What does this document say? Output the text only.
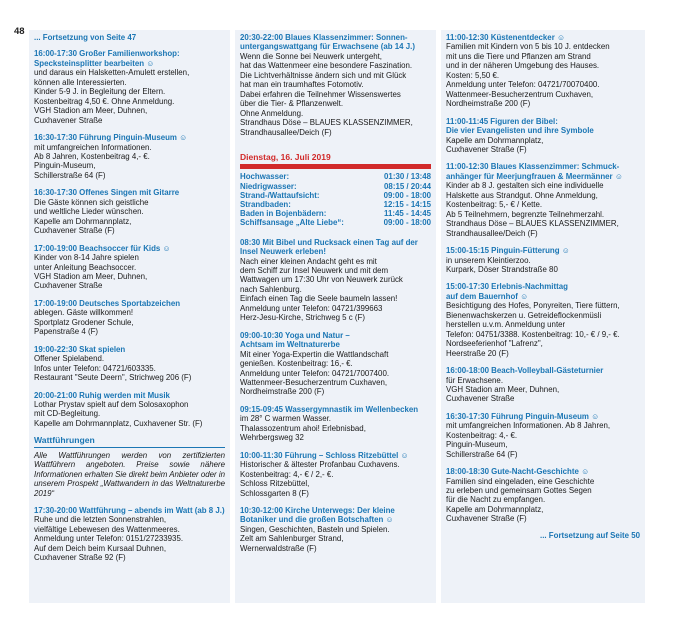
48
... Fortsetzung von Seite 47
16:00-17:30 Großer Familienworkshop:
Specksteinsplitter bearbeiten ☺
und daraus ein Halsketten-Amulett erstellen,
können alle Interessierten.
Kinder 5-9 J. in Begleitung der Eltern.
Kostenbeitrag 4,50 €. Ohne Anmeldung.
VGH Stadion am Meer, Duhnen,
Cuxhavener Straße
16:30-17:30 Führung Pinguin-Museum ☺
mit umfangreichen Informationen.
Ab 8 Jahren, Kostenbeitrag 4,- €.
Pinguin-Museum,
Schillerstraße 64 (F)
16:30-17:30 Offenes Singen mit Gitarre
Die Gäste können sich geistliche
und weltliche Lieder wünschen.
Kapelle am Dohrmannplatz,
Cuxhavener Straße (F)
17:00-19:00 Beachsoccer für Kids ☺
Kinder von 8-14 Jahre spielen
unter Anleitung Beachsoccer.
VGH Stadion am Meer, Duhnen,
Cuxhavener Straße
17:00-19:00 Deutsches Sportabzeichen
ablegen. Gäste willkommen!
Sportplatz Grodener Schule,
Papenstraße 4 (F)
19:00-22:30 Skat spielen
Offener Spielabend.
Infos unter Telefon: 04721/603335.
Restaurant "Seute Deern", Strichweg 206 (F)
20:00-21:00 Ruhig werden mit Musik
Lothar Prystav spielt auf dem Solosaxophon
mit CD-Begleitung.
Kapelle am Dohrmannplatz, Cuxhavener Str. (F)
Wattführungen
Alle Wattführungen werden von zertifizierten Wattführern angeboten. Preise sowie nähere Informationen erhalten Sie direkt beim Anbieter oder in unserem Prospekt „Wattwandern in das Weltnaturerbe 2019“
17:30-20:00 Wattführung – abends im Watt (ab 8 J.)
Ruhe und die letzten Sonnenstrahlen,
vielfältige Lebewesen des Wattenmeeres.
Anmeldung unter Telefon: 0151/27233935.
Auf dem Deich beim Kursaal Duhnen,
Cuxhavener Straße 92 (F)
20:30-22:00 Blaues Klassenzimmer: Sonnen-
untergangswattgang für Erwachsene (ab 14 J.)
Wenn die Sonne bei Neuwerk untergeht,
hat das Wattenmeer eine besondere Faszination.
Die Lichtverhältnisse ändern sich und mit Glück
hat man ein traumhaftes Fotomotiv.
Dabei erfahren die Teilnehmer Wissenswertes
über die Tier- & Pflanzenwelt.
Ohne Anmeldung.
Strandhaus Döse – BLAUES KLASSENZIMMER,
Strandhausallee/Deich (F)
Dienstag, 16. Juli 2019
Hochwasser:	01:30 / 13:48
Niedrigwasser:	08:15 / 20:44
Strand-/Wattaufsicht:	09:00 - 18:00
Strandbaden:	12:15 - 14:15
Baden in Bojenbädern:	11:45 - 14:45
Schiffsansage „Alte Liebe“:	09:00 - 18:00
08:30 Mit Bibel und Rucksack einen Tag auf der
Insel Neuwerk erleben!
Nach einer kleinen Andacht geht es mit
dem Schiff zur Insel Neuwerk und mit dem
Wattwagen um 17:30 Uhr von Neuwerk zurück
nach Sahlenburg.
Einfach einen Tag die Seele baumeln lassen!
Anmeldung unter Telefon: 04721/399663
Herz-Jesu-Kirche, Strichweg 5 c (F)
09:00-10:30 Yoga und Natur –
Achtsam im Weltnaturerbe
Mit einer Yoga-Expertin die Wattlandschaft
genießen. Kostenbeitrag: 16,- €.
Anmeldung unter Telefon: 04721/7007400.
Wattenmeer-Besucherzentrum Cuxhaven,
Nordheimstraße 200 (F)
09:15-09:45 Wassergymnastik im Wellenbecken
im 28° C warmen Wasser.
Thalassozentrum ahoi! Erlebnisbad,
Wehrbergsweg 32
10:00-11:30 Führung – Schloss Ritzebüttel ☺
Historischer & ältester Profanbau Cuxhavens.
Kostenbeitrag: 4,- € / 2,- €.
Schloss Ritzebüttel,
Schlossgarten 8 (F)
10:30-12:00 Kirche Unterwegs: Der kleine
Botaniker und die großen Botschaften ☺
Singen, Geschichten, Basteln und Spielen.
Zelt am Sahlenburger Strand,
Wernerwaldstraße (F)
11:00-12:30 Küstenentdecker ☺
Familien mit Kindern von 5 bis 10 J. entdecken
mit uns die Tiere und Pflanzen am Strand
und in der näheren Umgebung des Hauses.
Kosten: 5,50 €.
Anmeldung unter Telefon: 04721/70070400.
Wattenmeer-Besucherzentrum Cuxhaven,
Nordheimstraße 200 (F)
11:00-11:45 Figuren der Bibel:
Die vier Evangelisten und ihre Symbole
Kapelle am Dohrmannplatz,
Cuxhavener Straße (F)
11:00-12:30 Blaues Klassenzimmer: Schmuck-
anhänger für Meerjungfrauen & Meermänner ☺
Kinder ab 8 J. gestalten sich eine individuelle
Halskette aus Strandgut. Ohne Anmeldung,
Kostenbeitrag: 5,- € / Kette.
Ab 5 Teilnehmern, begrenzte Teilnehmerzahl.
Strandhaus Döse – BLAUES KLASSENZIMMER,
Strandhausallee/Deich (F)
15:00-15:15 Pinguin-Fütterung ☺
in unserem Kleintierzoo.
Kurpark, Döser Strandstraße 80
15:00-17:30 Erlebnis-Nachmittag
auf dem Bauernhof ☺
Besichtigung des Hofes, Ponyreiten, Tiere füttern,
Bienenwachskerzen u. Getreideflockenmüsli
herstellen u.v.m. Anmeldung unter
Telefon: 04751/3388. Kostenbeitrag: 10,- € / 9,- €.
Nordseeferienhof "Lafrenz",
Heerstraße 20 (F)
16:00-18:00 Beach-Volleyball-Gästeturnier
für Erwachsene.
VGH Stadion am Meer, Duhnen,
Cuxhavener Straße
16:30-17:30 Führung Pinguin-Museum ☺
mit umfangreichen Informationen. Ab 8 Jahren,
Kostenbeitrag: 4,- €.
Pinguin-Museum,
Schillerstraße 64 (F)
18:00-18:30 Gute-Nacht-Geschichte ☺
Familien sind eingeladen, eine Geschichte
zu erleben und gemeinsam Gottes Segen
für die Nacht zu empfangen.
Kapelle am Dohrmannplatz,
Cuxhavener Straße (F)
... Fortsetzung auf Seite 50
